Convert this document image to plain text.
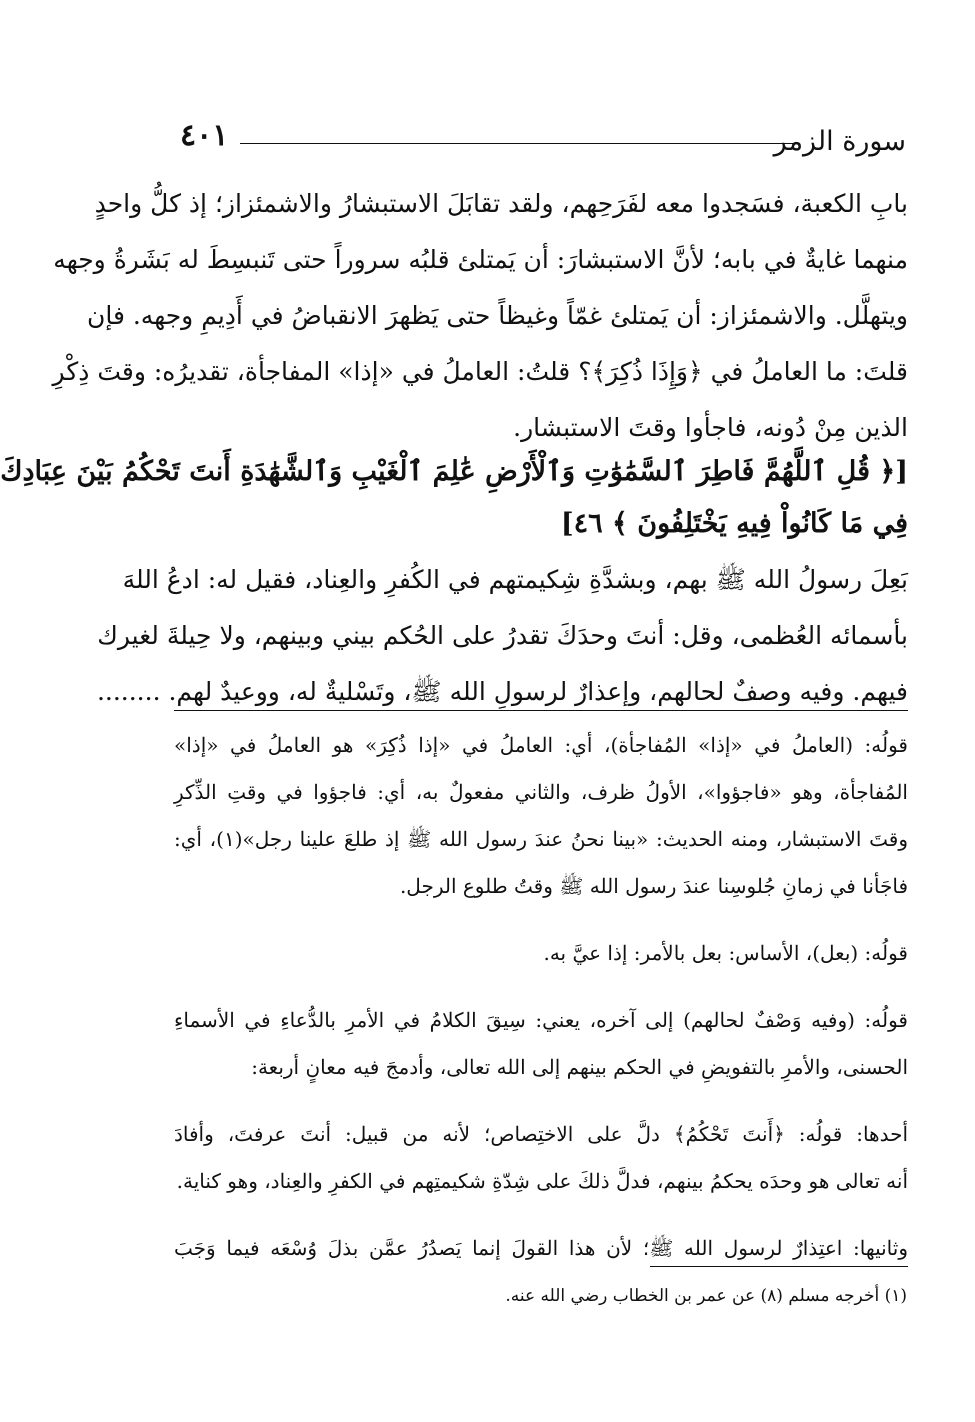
٤٠١	سورة الزمر
بابِ الكعبة، فسَجدوا معه لفَرَحِهم، ولقد تقابَلَ الاستبشارُ والاشمئزاز؛ إذ كلُّ واحدٍ
منهما غايةٌ في بابه؛ لأنَّ الاستبشارَ: أن يَمتلئ قلبُه سروراً حتى تَنبسِطَ له بَشَرةُ وجهه
ويتهلَّل. والاشمئزاز: أن يَمتلئ غمّاً وغيظاً حتى يَظهرَ الانقباضُ في أَدِيمِ وجهه. فإن
قلتَ: ما العاملُ في ﴿وَإِذَا ذُكِرَ﴾؟ قلتُ: العاملُ في «إذا» المفاجأة، تقديرُه: وقتَ ذِكْرِ
الذين مِنْ دُونه، فاجأوا وقتَ الاستبشار.
[﴿ قُلِ ٱللَّهُمَّ فَاطِرَ ٱلسَّمَٰوَٰتِ وَٱلْأَرْضِ عَٰلِمَ ٱلْغَيْبِ وَٱلشَّهَٰدَةِ أَنتَ تَحْكُمُ بَيْنَ عِبَادِكَ
فِي مَا كَانُواْ فِيهِ يَخْتَلِفُونَ ﴾ ٤٦]
بَعِلَ رسولُ الله ﷺ بهم، وبشدَّةِ شِكيمتهم في الكُفرِ والعِناد، فقيل له: ادعُ اللهَ
بأسمائه العُظمى، وقل: أنتَ وحدَكَ تقدرُ على الحُكم بيني وبينهم، ولا حِيلةَ لغيرك
فيهم. وفيه وصفٌ لحالهم، وإعذارٌ لرسولِ الله ﷺ، وتَسْليةٌ له، ووعيدٌ لهم. ........
قولُه: (العاملُ في «إذا» المُفاجأة)، أي: العاملُ في «إذا ذُكِرَ» هو العاملُ في «إذا»
المُفاجأة، وهو «فاجؤوا»، الأولُ ظرف، والثاني مفعولٌ به، أي: فاجؤوا في وقتِ الذِّكرِ
وقتَ الاستبشار، ومنه الحديث: «بينا نحنُ عندَ رسول الله ﷺ إذ طلعَ علينا رجل»(١)، أي:
فاجَأنا في زمانِ جُلوسِنا عندَ رسول الله ﷺ وقتُ طلوع الرجل.
قولُه: (بعل)، الأساس: بعل بالأمر: إذا عيَّ به.
قولُه: (وفيه وَصْفٌ لحالهم) إلى آخره، يعني: سِيقَ الكلامُ في الأمرِ بالدُّعاءِ في الأسماءِ
الحسنى، والأمرِ بالتفويضِ في الحكم بينهم إلى الله تعالى، وأدمجَ فيه معانٍ أربعة:
أحدها: قولُه: ﴿أَنتَ تَحْكُمُ﴾ دلَّ على الاختِصاص؛ لأنه من قبيل: أنتَ عرفتَ، وأفادَ
أنه تعالى هو وحدَه يحكمُ بينهم، فدلَّ ذلكَ على شِدّةِ شكيمتِهم في الكفرِ والعِناد، وهو كناية.
وثانيها: اعتِذارٌ لرسول الله ﷺ؛ لأن هذا القولَ إنما يَصدُرُ عمَّن بذلَ وُسْعَه فيما وَجَبَ
(١) أخرجه مسلم (٨) عن عمر بن الخطاب رضي الله عنه.
